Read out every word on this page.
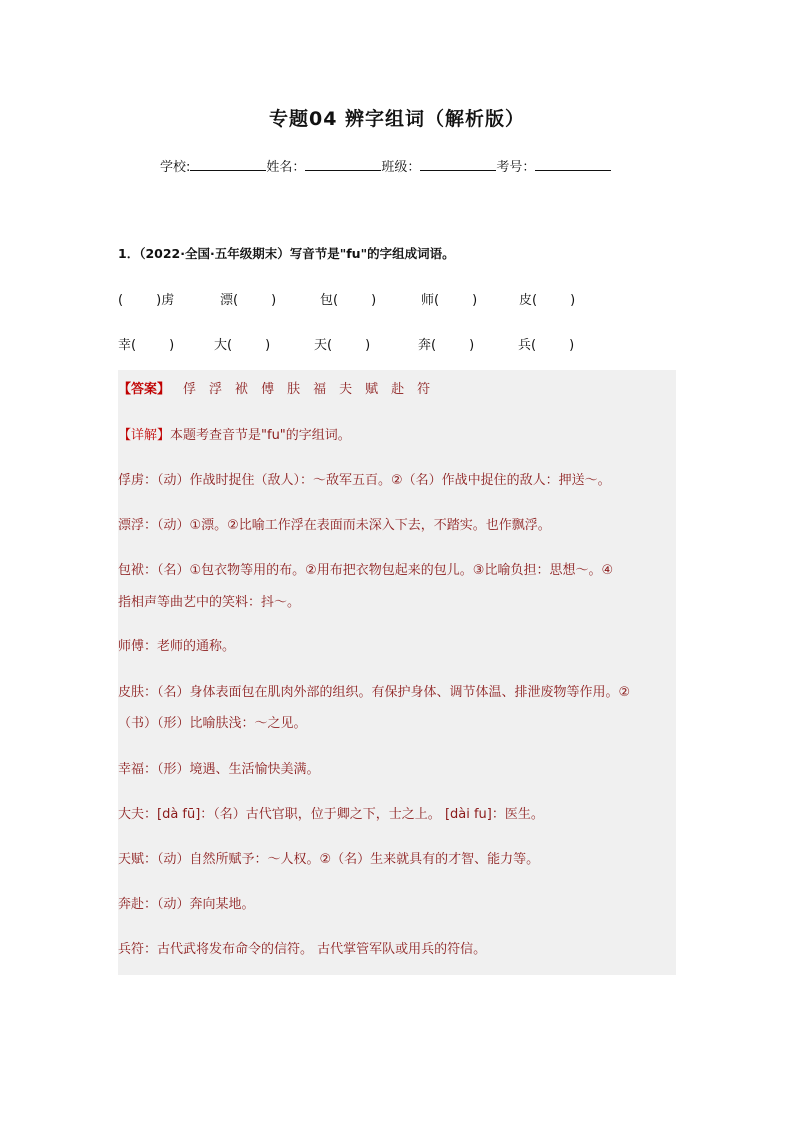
专题04 辨字组词（解析版）
学校:	姓名：	班级：	考号：
1．（2022·全国·五年级期末）写音节是"fu"的字组成词语。
(        )虏	漂(        )	包(        )	师(        )	皮(        )
幸(        )	大(        )	天(        )	奔(        )	兵(        )
【答案】 俘 浮 袱 傅 肤 福 夫 赋 赴 符
【详解】本题考查音节是"fu"的字组词。
俘虏：（动）作战时捉住（敌人）：～敌军五百。②（名）作战中捉住的敌人：押送～。
漂浮：（动）①漂。②比喻工作浮在表面而未深入下去，不踏实。也作飘浮。
包袱：（名）①包衣物等用的布。②用布把衣物包起来的包儿。③比喻负担：思想～。④
指相声等曲艺中的笑料：抖～。
师傅：老师的通称。
皮肤：（名）身体表面包在肌肉外部的组织。有保护身体、调节体温、排泄废物等作用。②
（书）（形）比喻肤浅：～之见。
幸福：（形）境遇、生活愉快美满。
大夫：[dà fū]：（名）古代官职，位于卿之下，士之上。 [dài fu]：医生。
天赋：（动）自然所赋予：～人权。②（名）生来就具有的才智、能力等。
奔赴：（动）奔向某地。
兵符：古代武将发布命令的信符。 古代掌管军队或用兵的符信。
